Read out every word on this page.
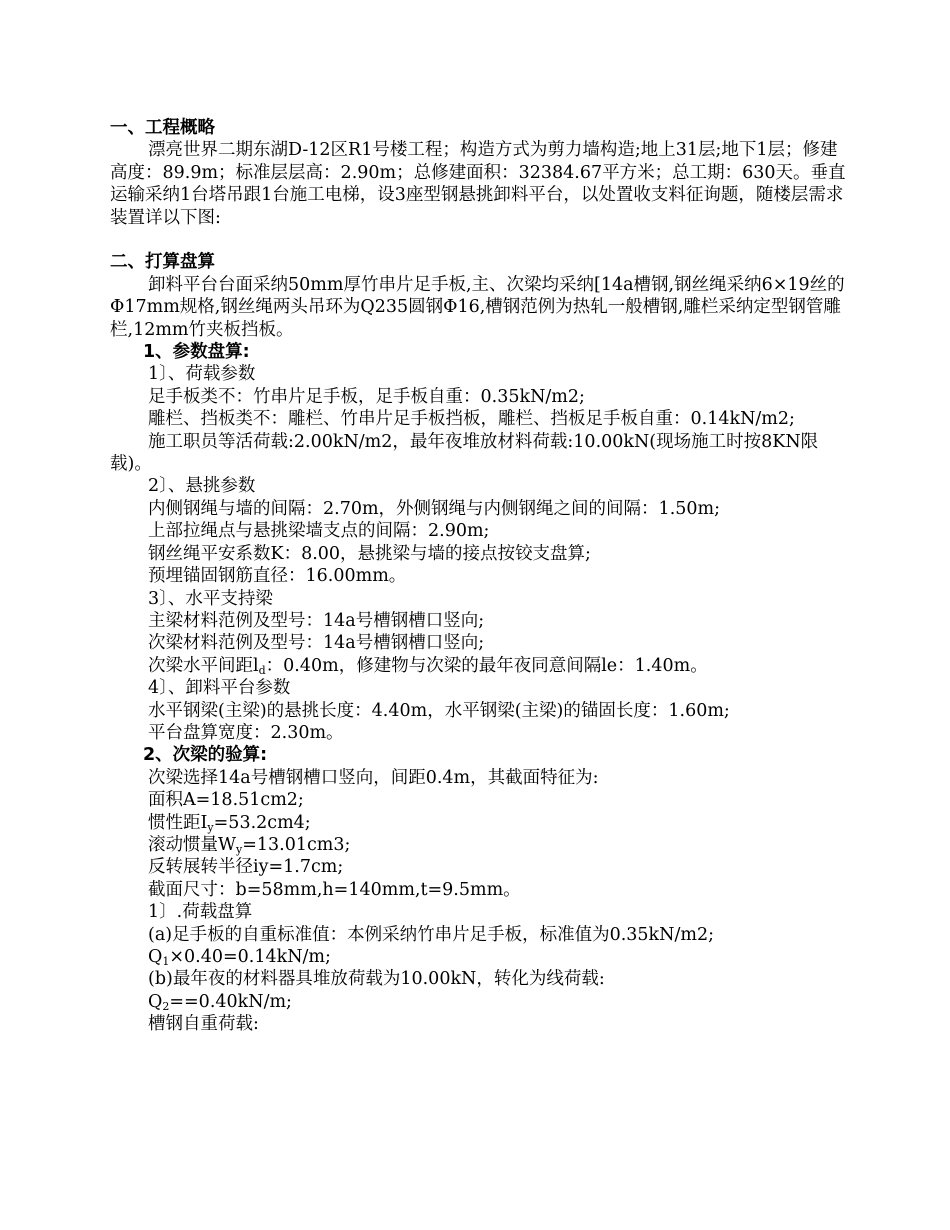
一、工程概略

漂亮世界二期东湖D-12区R1号楼工程；构造方式为剪力墙构造;地上31层;地下1层；修建高度：89.9m；标准层层高：2.90m；总修建面积：32384.67平方米；总工期：630天。垂直运输采纳1台塔吊跟1台施工电梯，设3座型钢悬挑卸料平台，以处置收支料征询题，随楼层需求装置详以下图:

二、打算盘算

卸料平台台面采纳50mm厚竹串片足手板,主、次梁均采纳[14a槽钢,钢丝绳采纳6×19丝的Φ17mm规格,钢丝绳两头吊环为Q235圆钢Φ16,槽钢范例为热轧一般槽钢,雕栏采纳定型钢管雕栏,12mm竹夹板挡板。

1、参数盘算:

1〕、荷载参数

足手板类不：竹串片足手板，足手板自重：0.35kN/m2;

雕栏、挡板类不：雕栏、竹串片足手板挡板，雕栏、挡板足手板自重：0.14kN/m2;

施工职员等活荷载:2.00kN/m2，最年夜堆放材料荷载:10.00kN(现场施工时按8KN限载)。

2〕、悬挑参数

内侧钢绳与墙的间隔：2.70m，外侧钢绳与内侧钢绳之间的间隔：1.50m;

上部拉绳点与悬挑梁墙支点的间隔：2.90m;

钢丝绳平安系数K：8.00，悬挑梁与墙的接点按铰支盘算;

预埋锚固钢筋直径：16.00mm。

3〕、水平支持梁

主梁材料范例及型号：14a号槽钢槽口竖向;

次梁材料范例及型号：14a号槽钢槽口竖向;

次梁水平间距$l_d$：0.40m，修建物与次梁的最年夜同意间隔le：1.40m。

4〕、卸料平台参数

水平钢梁(主梁)的悬挑长度：4.40m，水平钢梁(主梁)的锚固长度：1.60m;

平台盘算宽度：2.30m。

2、次梁的验算:

次梁选择14a号槽钢槽口竖向，间距0.4m，其截面特征为:

面积A=18.51cm2;

惯性距$I_y=53.2cm4$;

滚动惯量$W_y=13.01cm3$;

反转展转半径iy=1.7cm;

截面尺寸：b=58mm,h=140mm,t=9.5mm。

1〕.荷载盘算

(a)足手板的自重标准值：本例采纳竹串片足手板，标准值为0.35kN/m2;

$Q_1\times 0.40=0.14kN/m$;

(b)最年夜的材料器具堆放荷载为10.00kN，转化为线荷载:

$Q_2==0.40kN/m$;

槽钢自重荷载:
